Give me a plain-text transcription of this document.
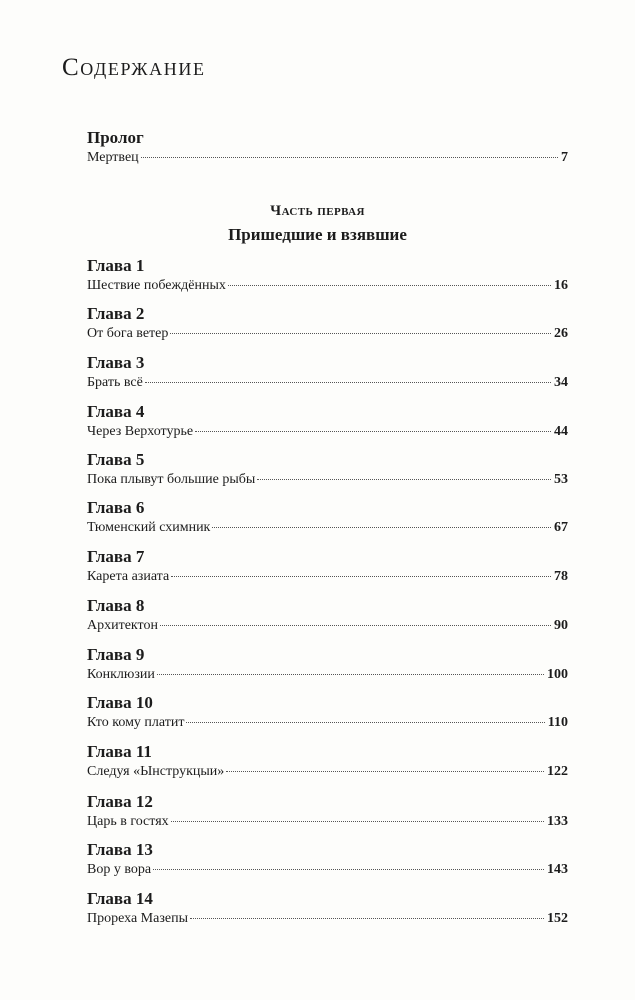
Содержание
Пролог
Мертвец	7
Часть первая
Пришедшие и взявшие
Глава 1
Шествие побеждённых	16
Глава 2
От бога ветер	26
Глава 3
Брать всё	34
Глава 4
Через Верхотурье	44
Глава 5
Пока плывут большие рыбы	53
Глава 6
Тюменский схимник	67
Глава 7
Карета азиата	78
Глава 8
Архитектон	90
Глава 9
Конклюзии	100
Глава 10
Кто кому платит	110
Глава 11
Следуя «Ынструкцыи»	122
Глава 12
Царь в гостях	133
Глава 13
Вор у вора	143
Глава 14
Прореха Мазепы	152
